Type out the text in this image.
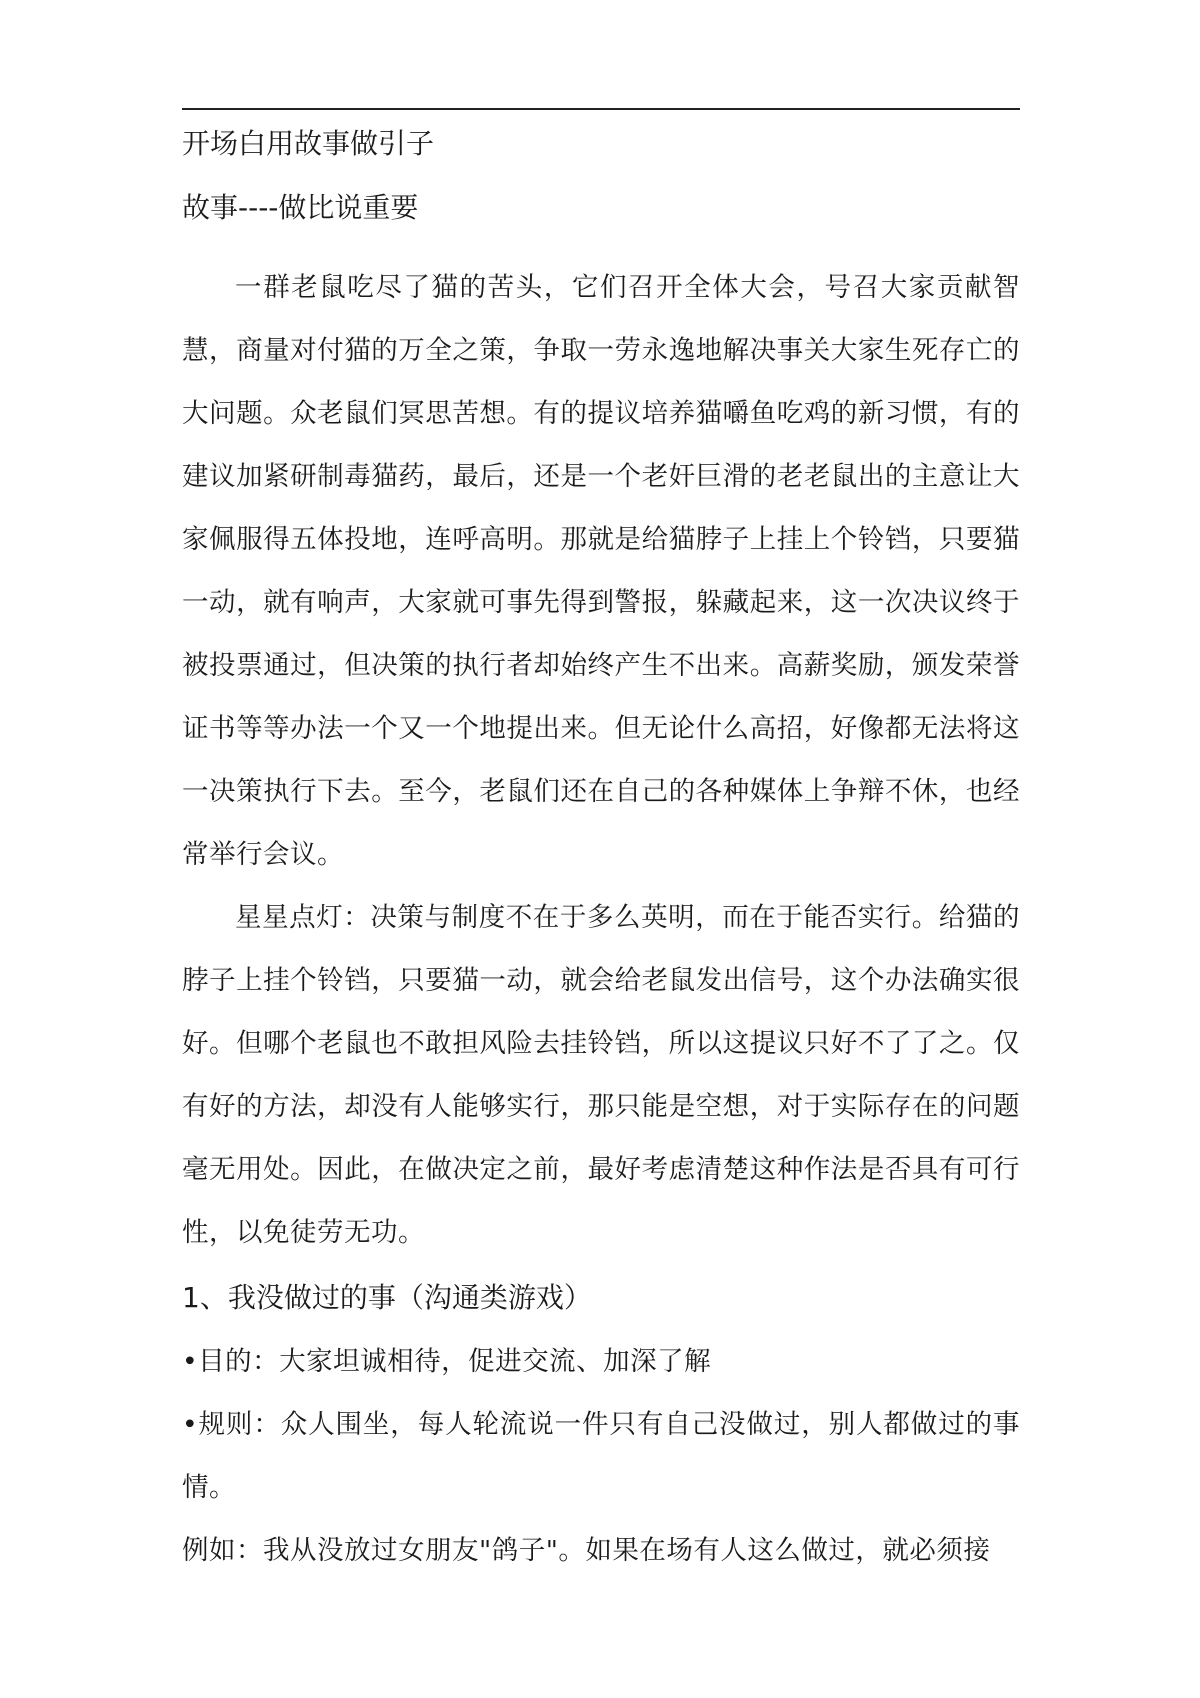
开场白用故事做引子
故事----做比说重要

一群老鼠吃尽了猫的苦头，它们召开全体大会，号召大家贡献智慧，商量对付猫的万全之策，争取一劳永逸地解决事关大家生死存亡的大问题。众老鼠们冥思苦想。有的提议培养猫嚼鱼吃鸡的新习惯，有的建议加紧研制毒猫药，最后，还是一个老奸巨滑的老老鼠出的主意让大家佩服得五体投地，连呼高明。那就是给猫脖子上挂上个铃铛，只要猫一动，就有响声，大家就可事先得到警报，躲藏起来，这一次决议终于被投票通过，但决策的执行者却始终产生不出来。高薪奖励，颁发荣誉证书等等办法一个又一个地提出来。但无论什么高招，好像都无法将这一决策执行下去。至今，老鼠们还在自己的各种媒体上争辩不休，也经常举行会议。

星星点灯：决策与制度不在于多么英明，而在于能否实行。给猫的脖子上挂个铃铛，只要猫一动，就会给老鼠发出信号，这个办法确实很好。但哪个老鼠也不敢担风险去挂铃铛，所以这提议只好不了了之。仅有好的方法，却没有人能够实行，那只能是空想，对于实际存在的问题毫无用处。因此，在做决定之前，最好考虑清楚这种作法是否具有可行性，以免徒劳无功。

1、我没做过的事（沟通类游戏）

•目的：大家坦诚相待，促进交流、加深了解

•规则：众人围坐，每人轮流说一件只有自己没做过，别人都做过的事情。

例如：我从没放过女朋友"鸽子"。如果在场有人这么做过，就必须接
